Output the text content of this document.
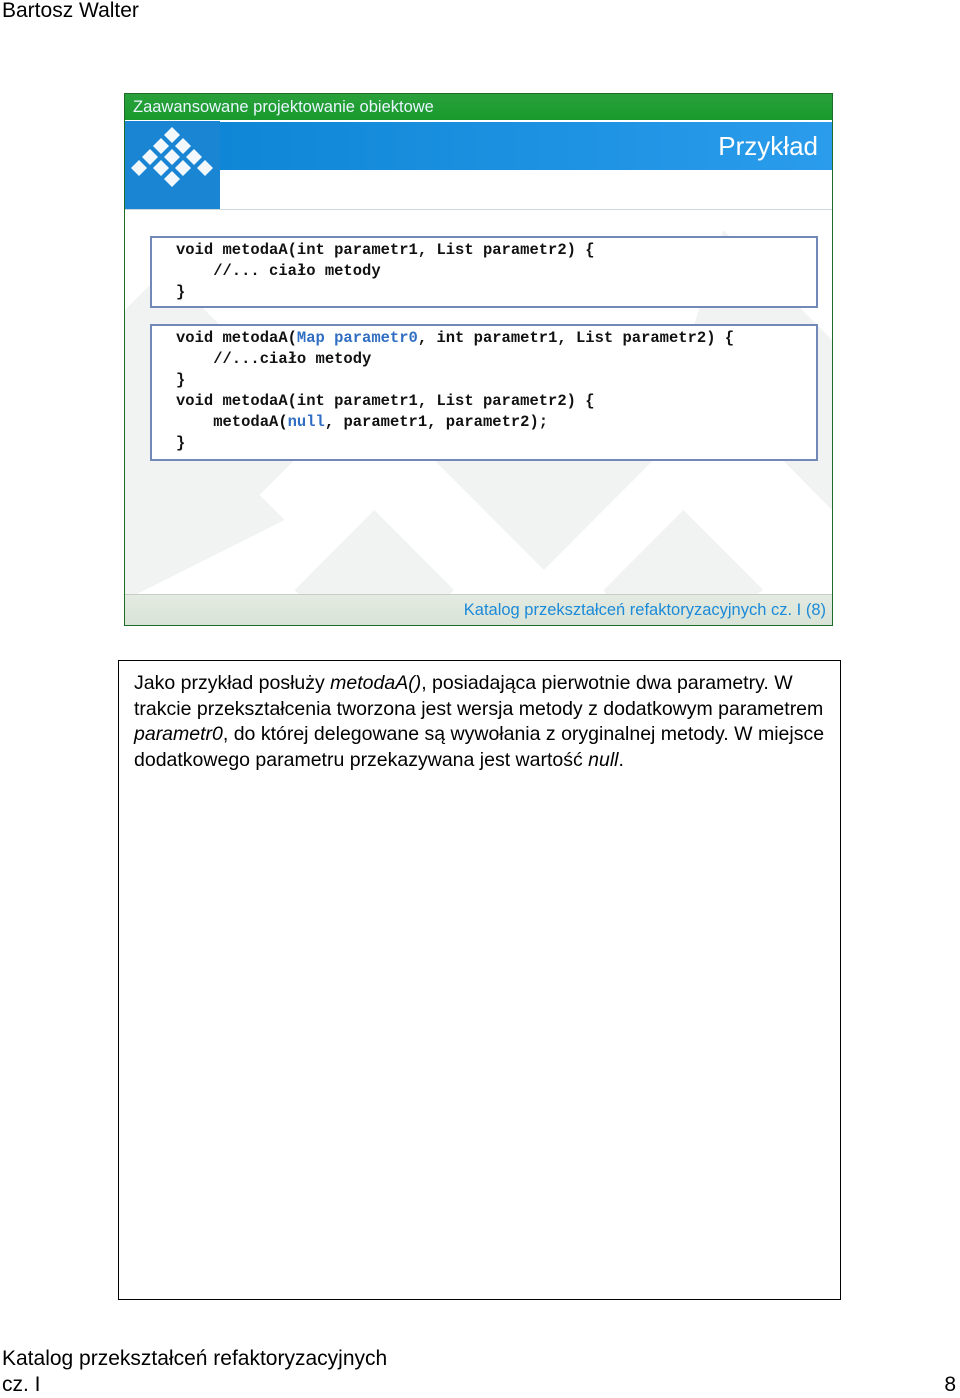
Bartosz Walter
Zaawansowane projektowanie obiektowe
UCZELNIA
ONLINE
Przykład
void metodaA(int parametr1, List parametr2) {
//... ciało metody
}
void metodaA(Map parametr0, int parametr1, List parametr2) {
//...ciało metody
}
void metodaA(int parametr1, List parametr2) {
metodaA(null, parametr1, parametr2);
}
Katalog przekształceń refaktoryzacyjnych cz. I (8)
Jako przykład posłuży metodaA(), posiadająca pierwotnie dwa parametry. W trakcie przekształcenia tworzona jest wersja metody z dodatkowym parametrem parametr0, do której delegowane są wywołania z oryginalnej metody. W miejsce dodatkowego parametru przekazywana jest wartość null.
Katalog przekształceń refaktoryzacyjnych
cz. I	8
